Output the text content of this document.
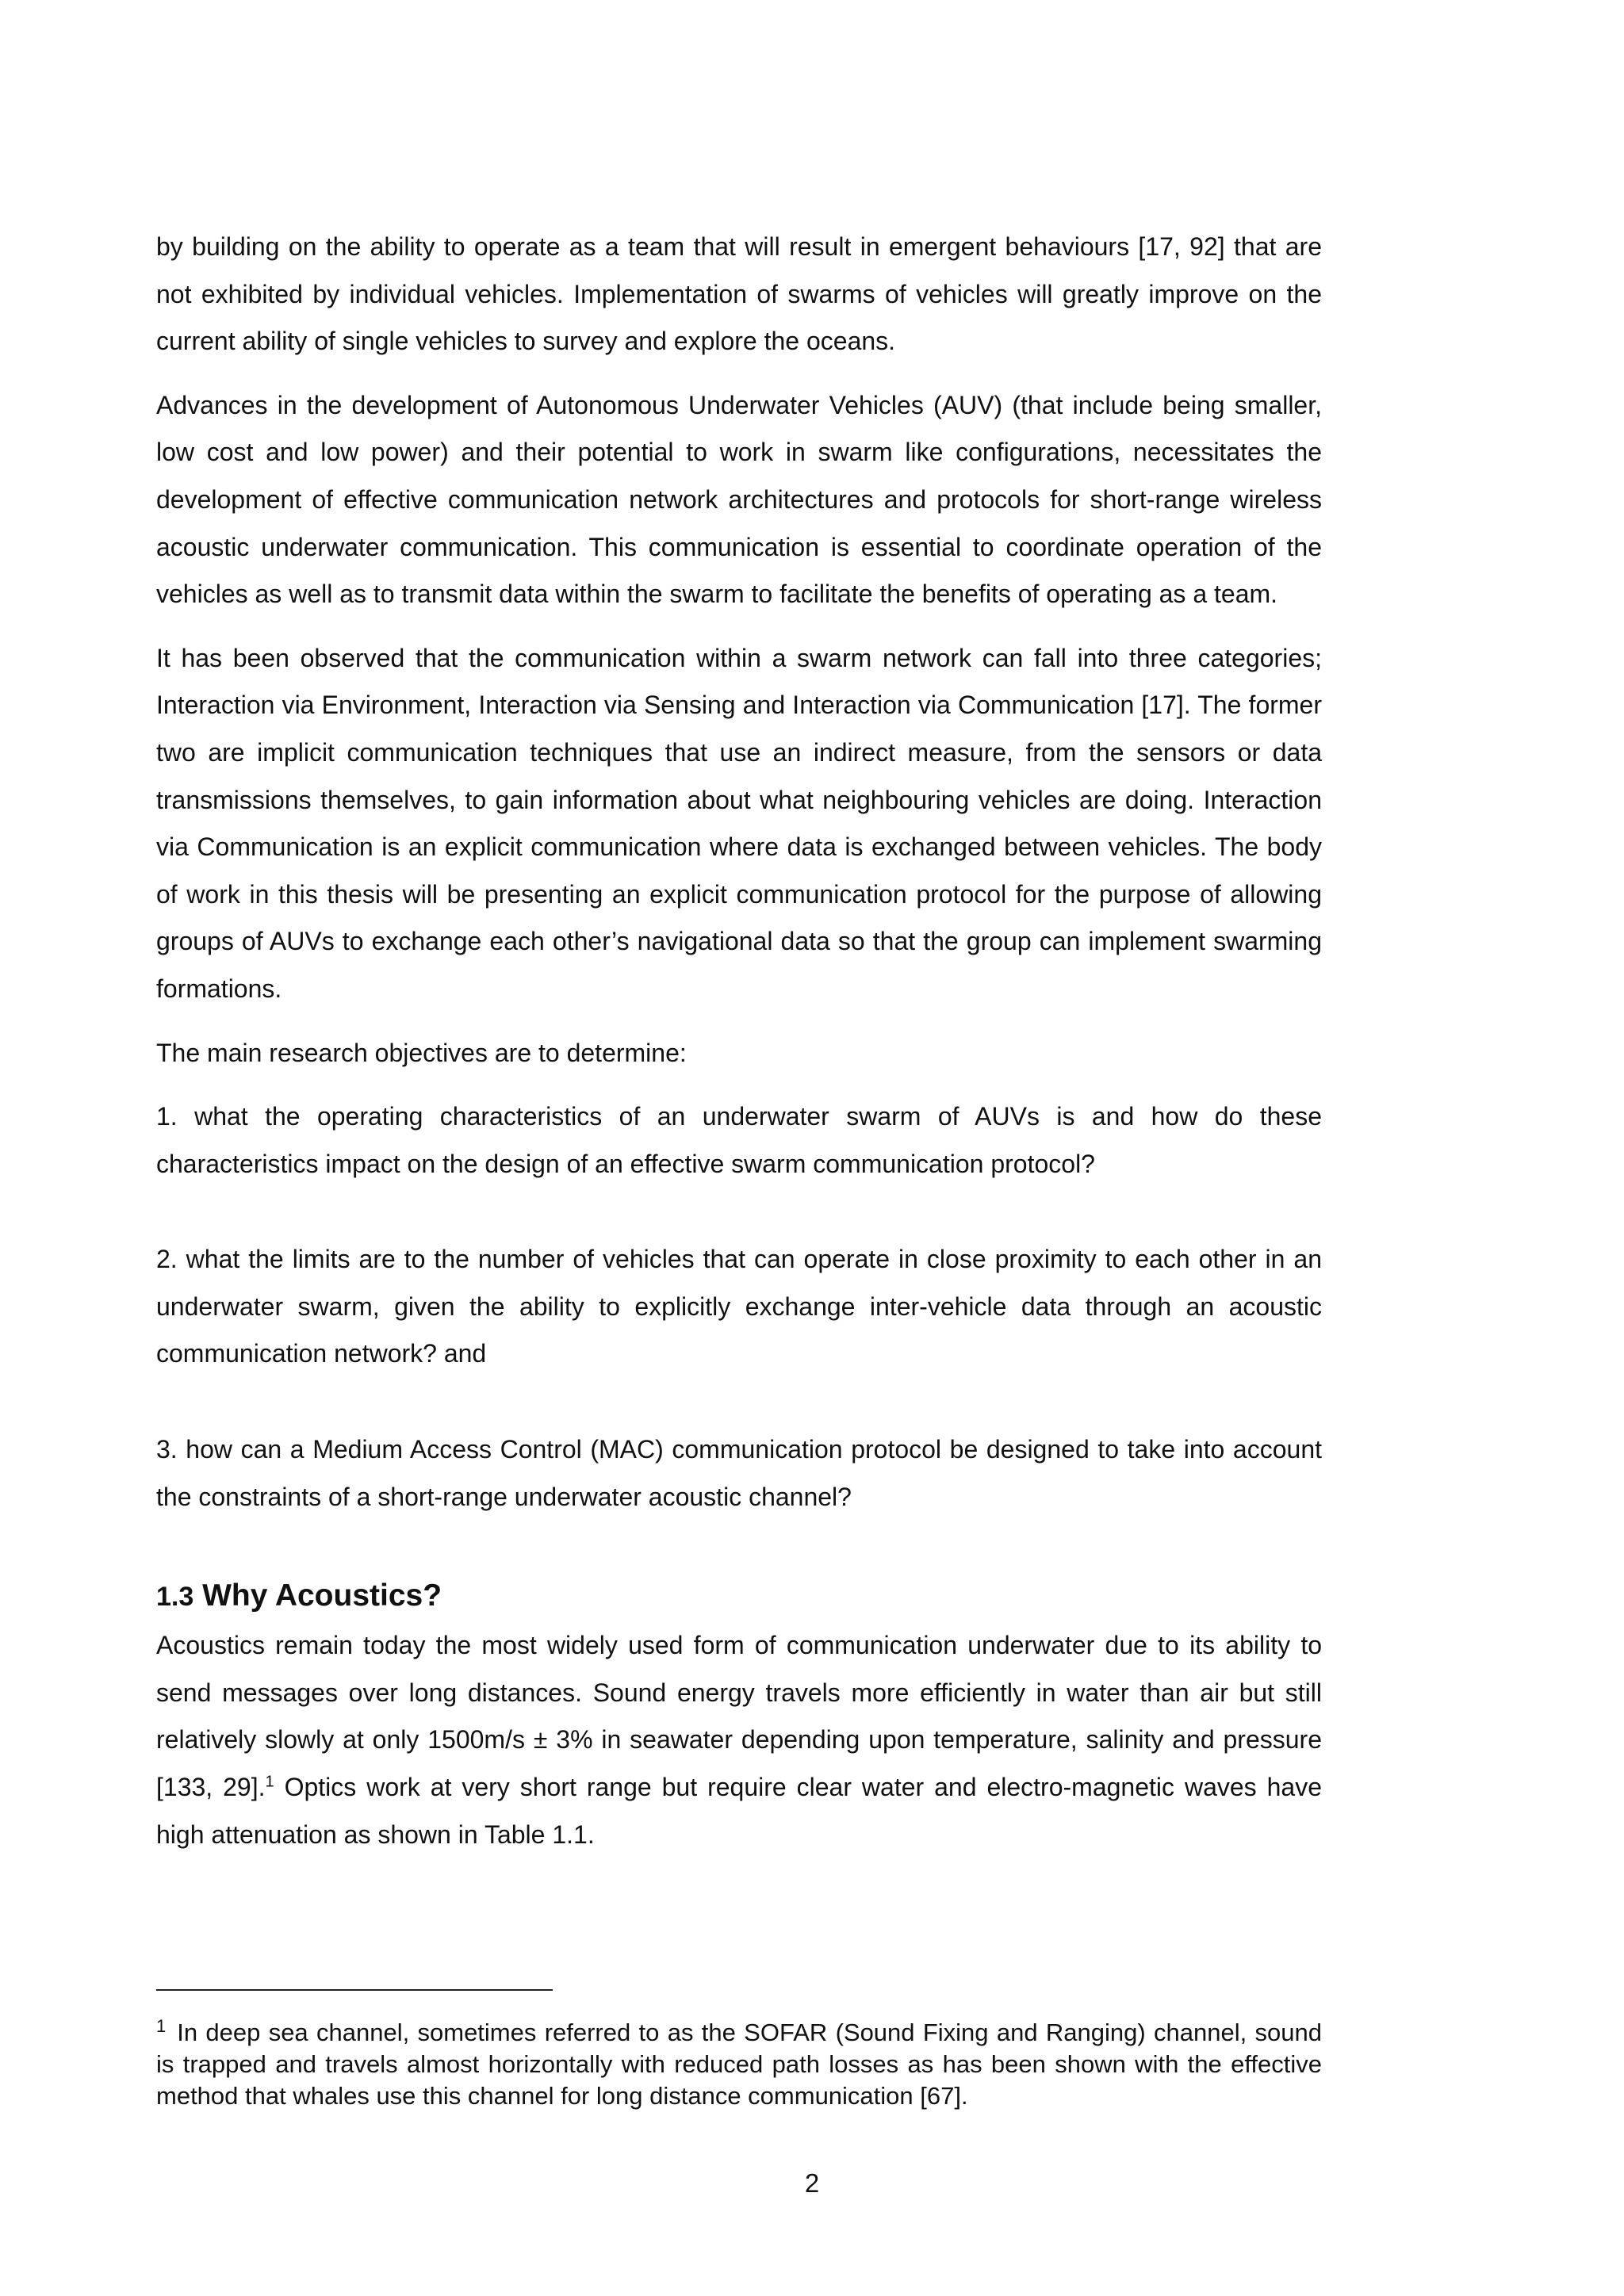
by building on the ability to operate as a team that will result in emergent behaviours [17, 92] that are not exhibited by individual vehicles. Implementation of swarms of vehicles will greatly improve on the current ability of single vehicles to survey and explore the oceans.

Advances in the development of Autonomous Underwater Vehicles (AUV) (that include being smaller, low cost and low power) and their potential to work in swarm like configurations, necessitates the development of effective communication network architectures and protocols for short-range wireless acoustic underwater communication. This communication is essential to coordinate operation of the vehicles as well as to transmit data within the swarm to facilitate the benefits of operating as a team.

It has been observed that the communication within a swarm network can fall into three categories; Interaction via Environment, Interaction via Sensing and Interaction via Communication [17]. The former two are implicit communication techniques that use an indirect measure, from the sensors or data transmissions themselves, to gain information about what neighbouring vehicles are doing. Interaction via Communication is an explicit communication where data is exchanged between vehicles. The body of work in this thesis will be presenting an explicit communication protocol for the purpose of allowing groups of AUVs to exchange each other’s navigational data so that the group can implement swarming formations.

The main research objectives are to determine:

1. what the operating characteristics of an underwater swarm of AUVs is and how do these characteristics impact on the design of an effective swarm communication protocol?

2. what the limits are to the number of vehicles that can operate in close proximity to each other in an underwater swarm, given the ability to explicitly exchange inter-vehicle data through an acoustic communication network? and

3. how can a Medium Access Control (MAC) communication protocol be designed to take into account the constraints of a short-range underwater acoustic channel?

1.3 Why Acoustics?

Acoustics remain today the most widely used form of communication underwater due to its ability to send messages over long distances. Sound energy travels more efficiently in water than air but still relatively slowly at only 1500m/s ± 3% in seawater depending upon temperature, salinity and pressure [133, 29].$^1$ Optics work at very short range but require clear water and electro-magnetic waves have high attenuation as shown in Table 1.1.

$^1$ In deep sea channel, sometimes referred to as the SOFAR (Sound Fixing and Ranging) channel, sound is trapped and travels almost horizontally with reduced path losses as has been shown with the effective method that whales use this channel for long distance communication [67].

2
